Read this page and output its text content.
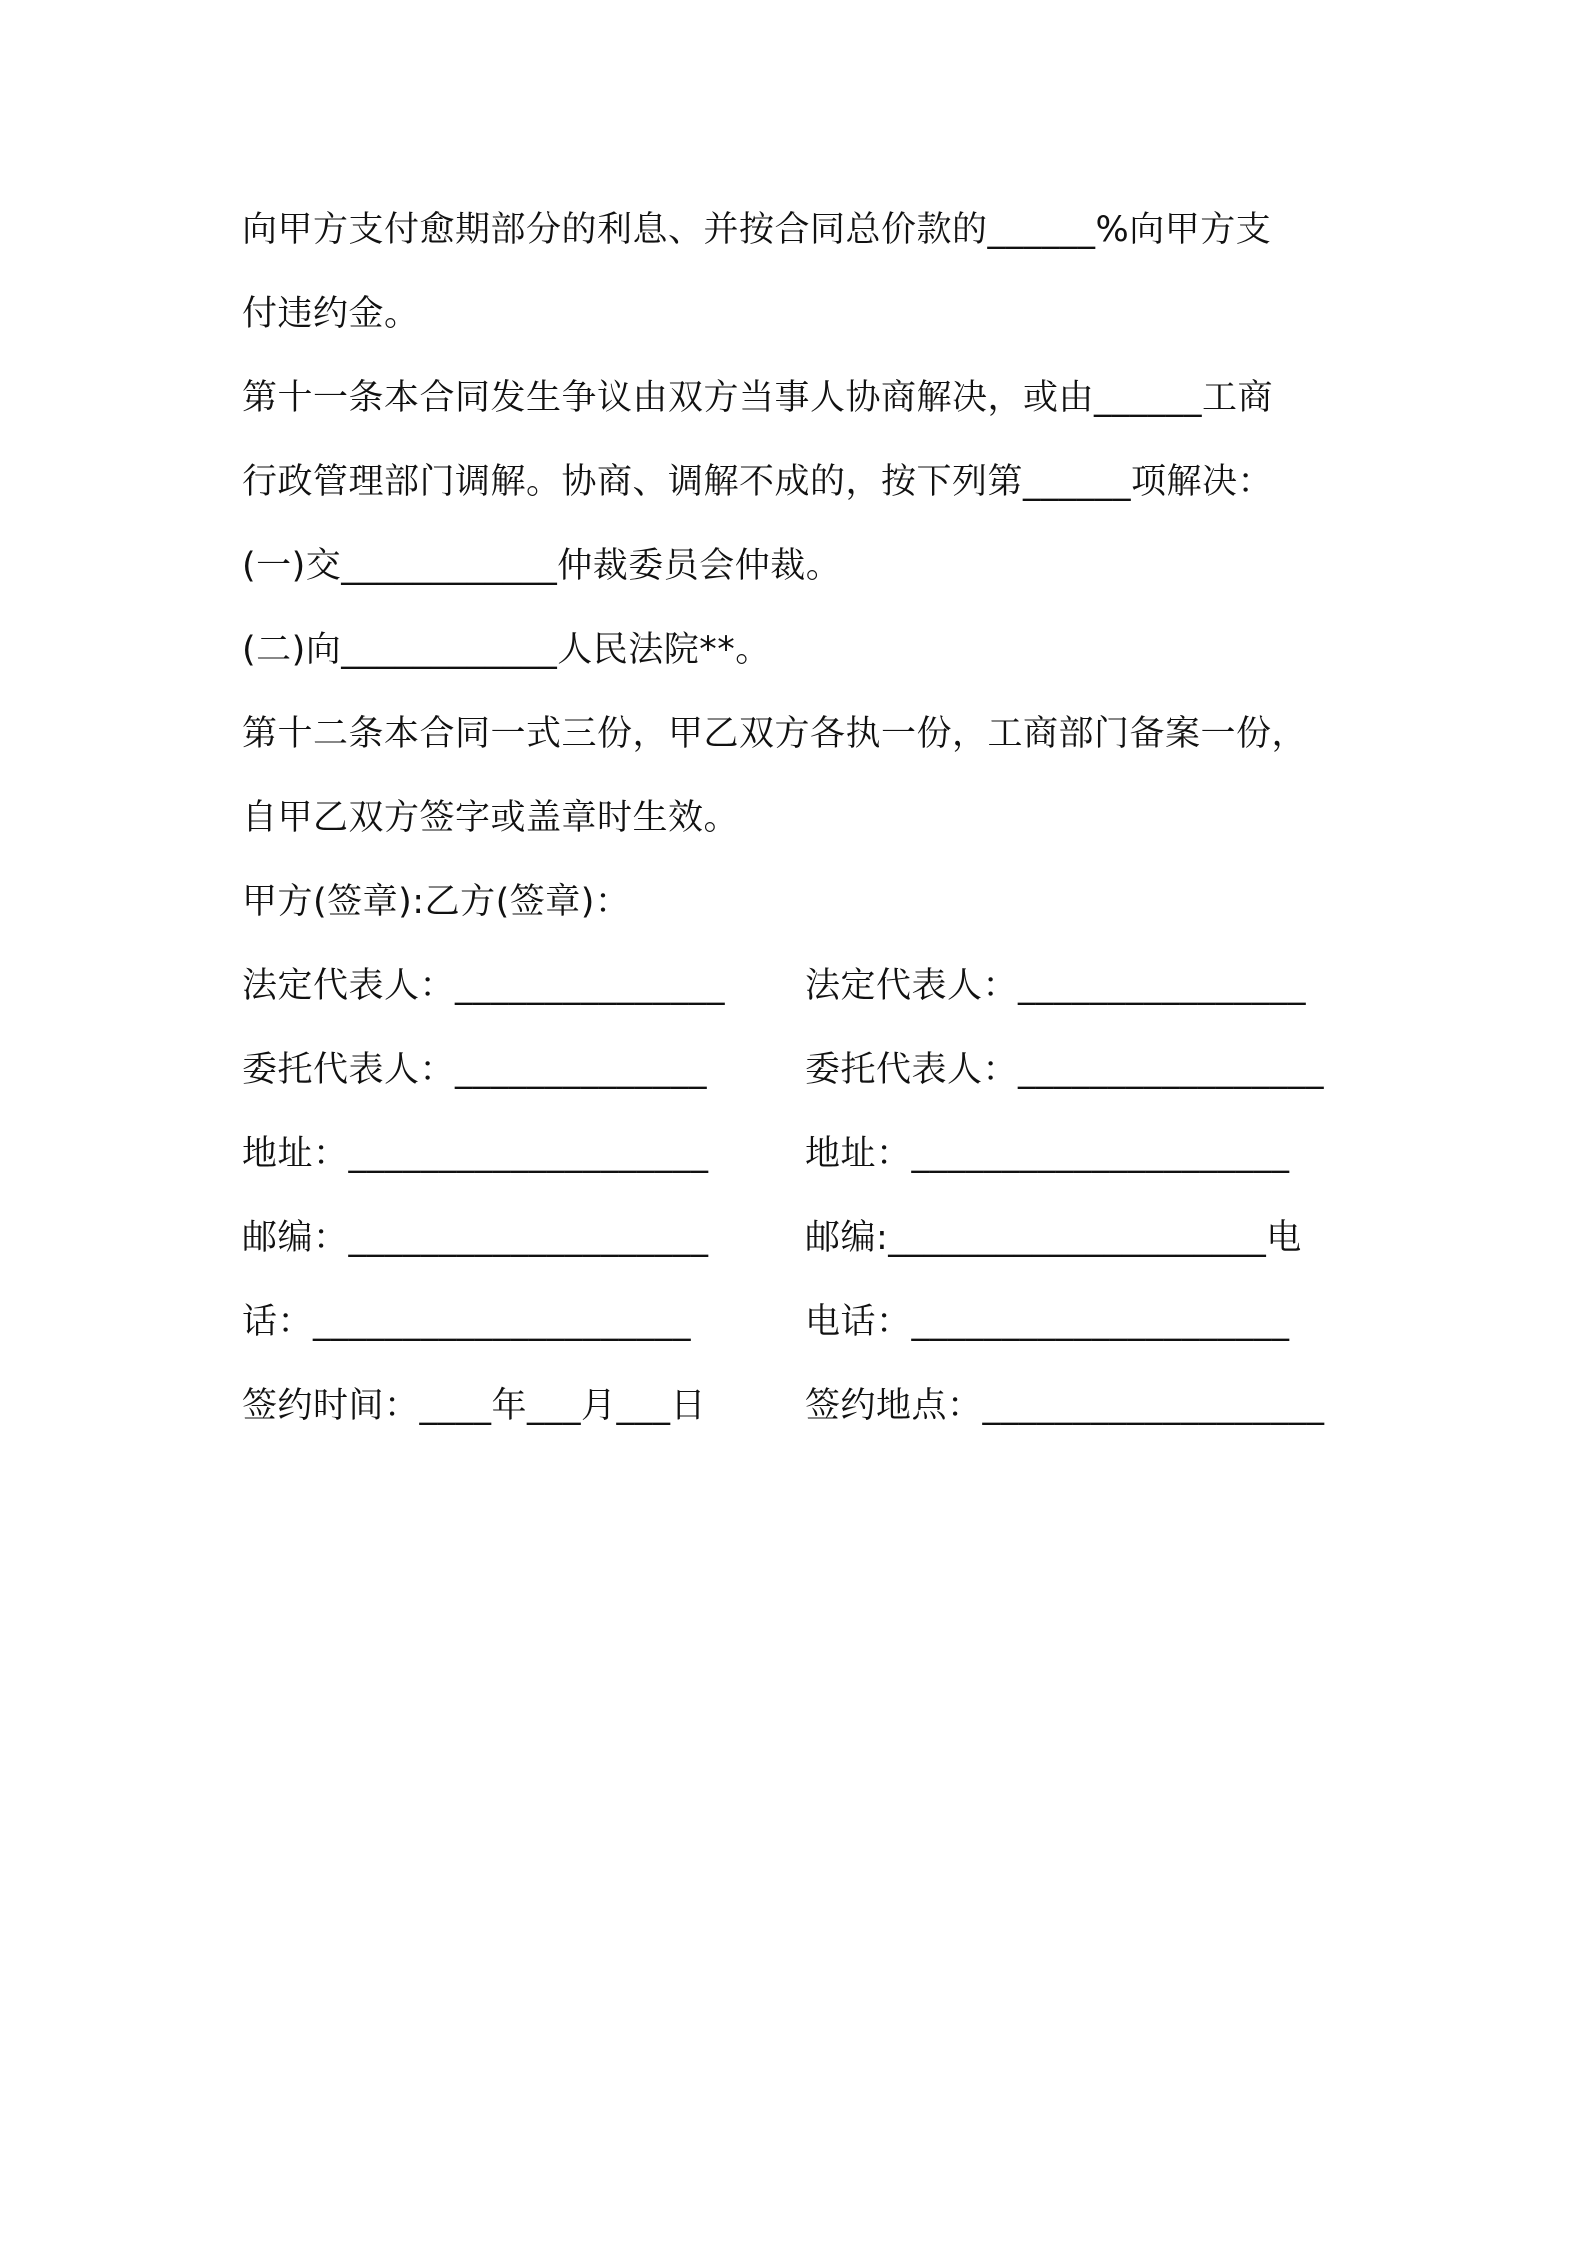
向甲方支付愈期部分的利息、并按合同总价款的______%向甲方支
付违约金。
第十一条本合同发生争议由双方当事人协商解决，或由______工商
行政管理部门调解。协商、调解不成的，按下列第______项解决：
(一)交____________仲裁委员会仲裁。
(二)向____________人民法院**。
第十二条本合同一式三份，甲乙双方各执一份，工商部门备案一份，
自甲乙双方签字或盖章时生效。
甲方(签章):乙方(签章)：
法定代表人：_______________ 法定代表人：________________
委托代表人：______________	委托代表人：_________________
地址：____________________	地址：_____________________
邮编：____________________	邮编:_____________________电
话：_____________________	电话：_____________________
签约时间：____年___月___日	签约地点：___________________
